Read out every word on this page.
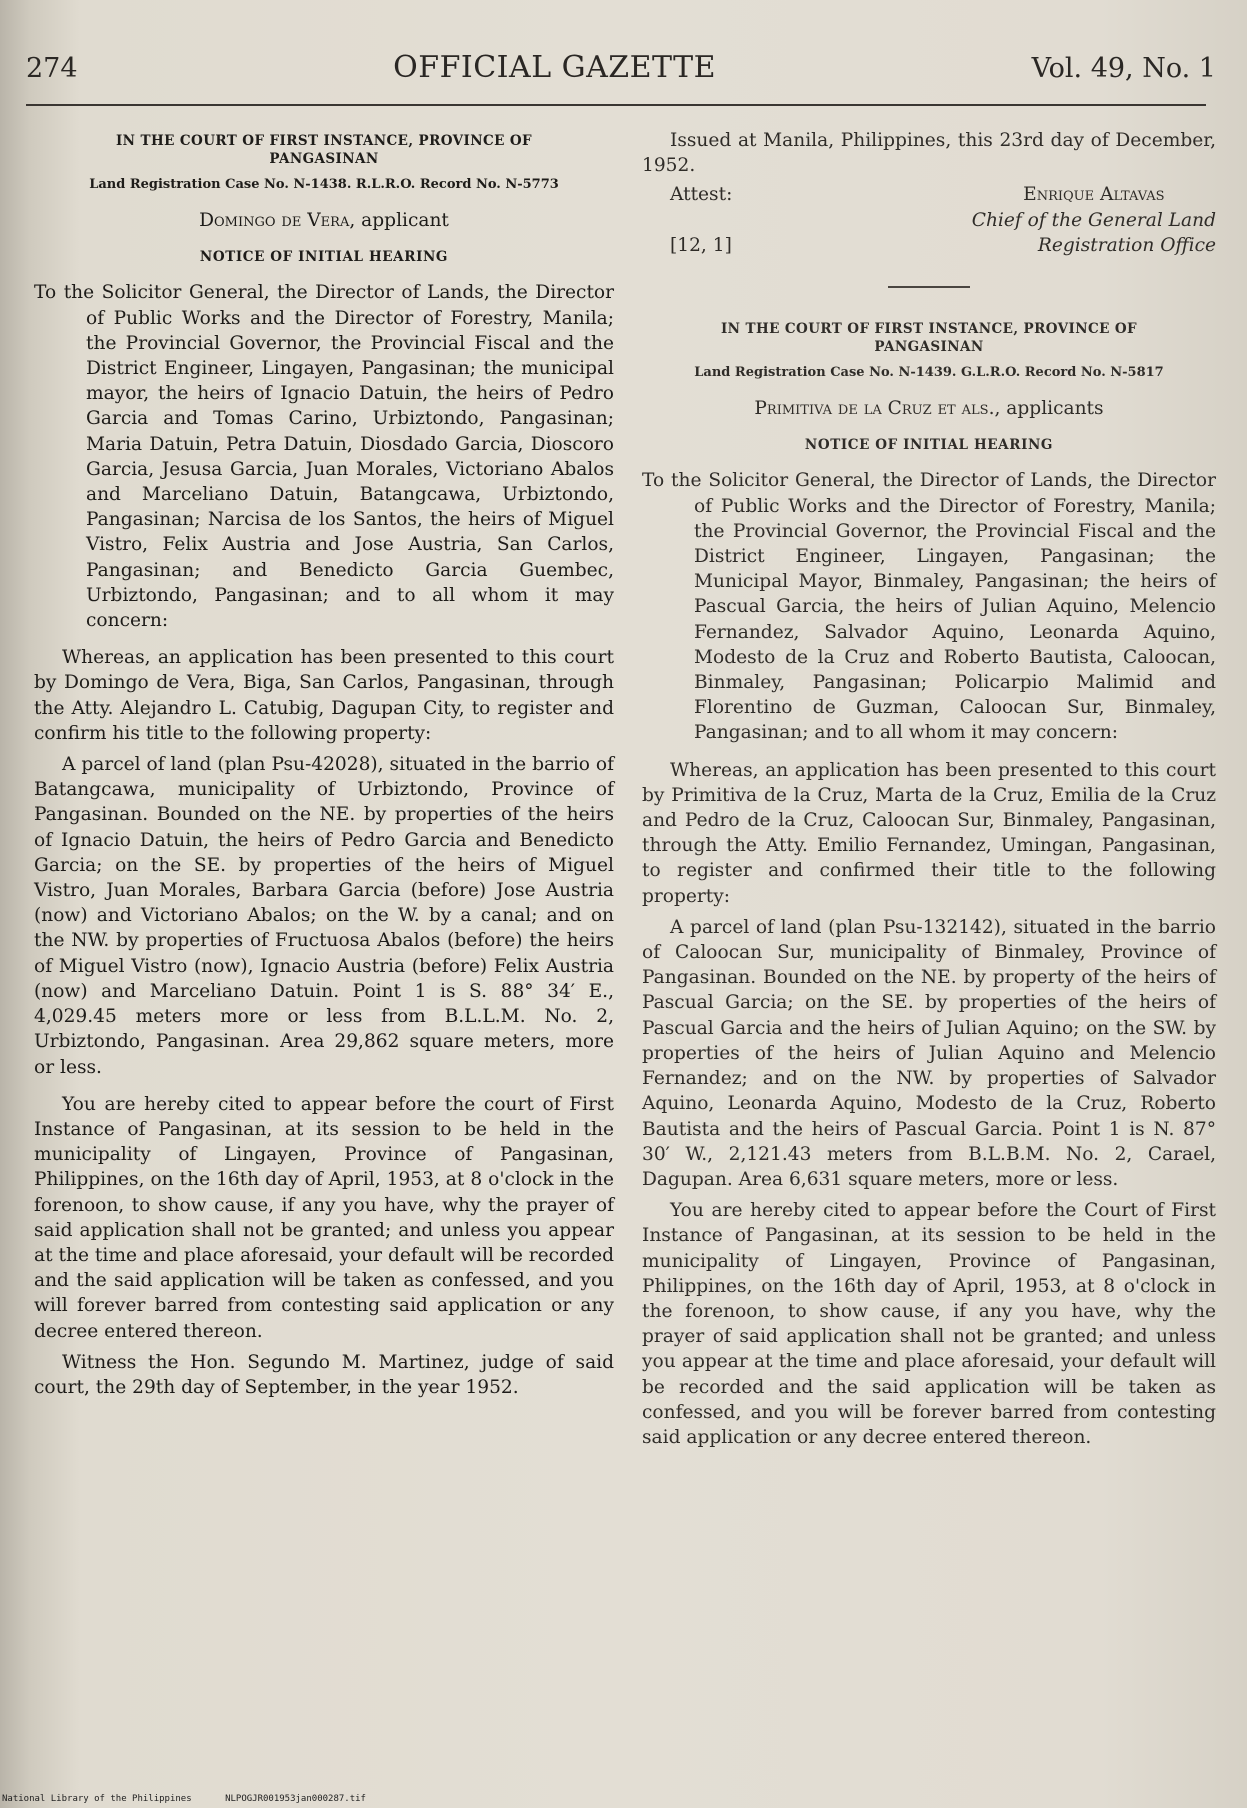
274	OFFICIAL GAZETTE	Vol. 49, No. 1
IN THE COURT OF FIRST INSTANCE, PROVINCE OF PANGASINAN
Land Registration Case No. N-1438. R.L.R.O. Record No. N-5773
Domingo de Vera, applicant
NOTICE OF INITIAL HEARING

To the Solicitor General, the Director of Lands, the Director of Public Works and the Director of Forestry, Manila; the Provincial Governor, the Provincial Fiscal and the District Engineer, Lingayen, Pangasinan; the municipal mayor, the heirs of Ignacio Datuin, the heirs of Pedro Garcia and Tomas Carino, Urbiztondo, Pangasinan; Maria Datuin, Petra Datuin, Diosdado Garcia, Dioscoro Garcia, Jesusa Garcia, Juan Morales, Victoriano Abalos and Marceliano Datuin, Batangcawa, Urbiztondo, Pangasinan; Narcisa de los Santos, the heirs of Miguel Vistro, Felix Austria and Jose Austria, San Carlos, Pangasinan; and Benedicto Garcia Guembec, Urbiztondo, Pangasinan; and to all whom it may concern:

Whereas, an application has been presented to this court by Domingo de Vera, Biga, San Carlos, Pangasinan, through the Atty. Alejandro L. Catubig, Dagupan City, to register and confirm his title to the following property:

A parcel of land (plan Psu-42028), situated in the barrio of Batangcawa, municipality of Urbiztondo, Province of Pangasinan. Bounded on the NE. by properties of the heirs of Ignacio Datuin, the heirs of Pedro Garcia and Benedicto Garcia; on the SE. by properties of the heirs of Miguel Vistro, Juan Morales, Barbara Garcia (before) Jose Austria (now) and Victoriano Abalos; on the W. by a canal; and on the NW. by properties of Fructuosa Abalos (before) the heirs of Miguel Vistro (now), Ignacio Austria (before) Felix Austria (now) and Marceliano Datuin. Point 1 is S. 88° 34′ E., 4,029.45 meters more or less from B.L.L.M. No. 2, Urbiztondo, Pangasinan. Area 29,862 square meters, more or less.

You are hereby cited to appear before the court of First Instance of Pangasinan, at its session to be held in the municipality of Lingayen, Province of Pangasinan, Philippines, on the 16th day of April, 1953, at 8 o'clock in the forenoon, to show cause, if any you have, why the prayer of said application shall not be granted; and unless you appear at the time and place aforesaid, your default will be recorded and the said application will be taken as confessed, and you will forever barred from contesting said application or any decree entered thereon.

Witness the Hon. Segundo M. Martinez, judge of said court, the 29th day of September, in the year 1952.

Issued at Manila, Philippines, this 23rd day of December, 1952.

Attest:	Enrique Altavas
Chief of the General Land
[12, 1]	Registration Office
IN THE COURT OF FIRST INSTANCE, PROVINCE OF PANGASINAN
Land Registration Case No. N-1439. G.L.R.O. Record No. N-5817
Primitiva de la Cruz et als., applicants
NOTICE OF INITIAL HEARING

To the Solicitor General, the Director of Lands, the Director of Public Works and the Director of Forestry, Manila; the Provincial Governor, the Provincial Fiscal and the District Engineer, Lingayen, Pangasinan; the Municipal Mayor, Binmaley, Pangasinan; the heirs of Pascual Garcia, the heirs of Julian Aquino, Melencio Fernandez, Salvador Aquino, Leonarda Aquino, Modesto de la Cruz and Roberto Bautista, Caloocan, Binmaley, Pangasinan; Policarpio Malimid and Florentino de Guzman, Caloocan Sur, Binmaley, Pangasinan; and to all whom it may concern:

Whereas, an application has been presented to this court by Primitiva de la Cruz, Marta de la Cruz, Emilia de la Cruz and Pedro de la Cruz, Caloocan Sur, Binmaley, Pangasinan, through the Atty. Emilio Fernandez, Umingan, Pangasinan, to register and confirmed their title to the following property:

A parcel of land (plan Psu-132142), situated in the barrio of Caloocan Sur, municipality of Binmaley, Province of Pangasinan. Bounded on the NE. by property of the heirs of Pascual Garcia; on the SE. by properties of the heirs of Pascual Garcia and the heirs of Julian Aquino; on the SW. by properties of the heirs of Julian Aquino and Melencio Fernandez; and on the NW. by properties of Salvador Aquino, Leonarda Aquino, Modesto de la Cruz, Roberto Bautista and the heirs of Pascual Garcia. Point 1 is N. 87° 30′ W., 2,121.43 meters from B.L.B.M. No. 2, Carael, Dagupan. Area 6,631 square meters, more or less.

You are hereby cited to appear before the Court of First Instance of Pangasinan, at its session to be held in the municipality of Lingayen, Province of Pangasinan, Philippines, on the 16th day of April, 1953, at 8 o'clock in the forenoon, to show cause, if any you have, why the prayer of said application shall not be granted; and unless you appear at the time and place aforesaid, your default will be recorded and the said application will be taken as confessed, and you will be forever barred from contesting said application or any decree entered thereon.

National Library of the Philippines	NLPOGJR001953jan000287.tif
